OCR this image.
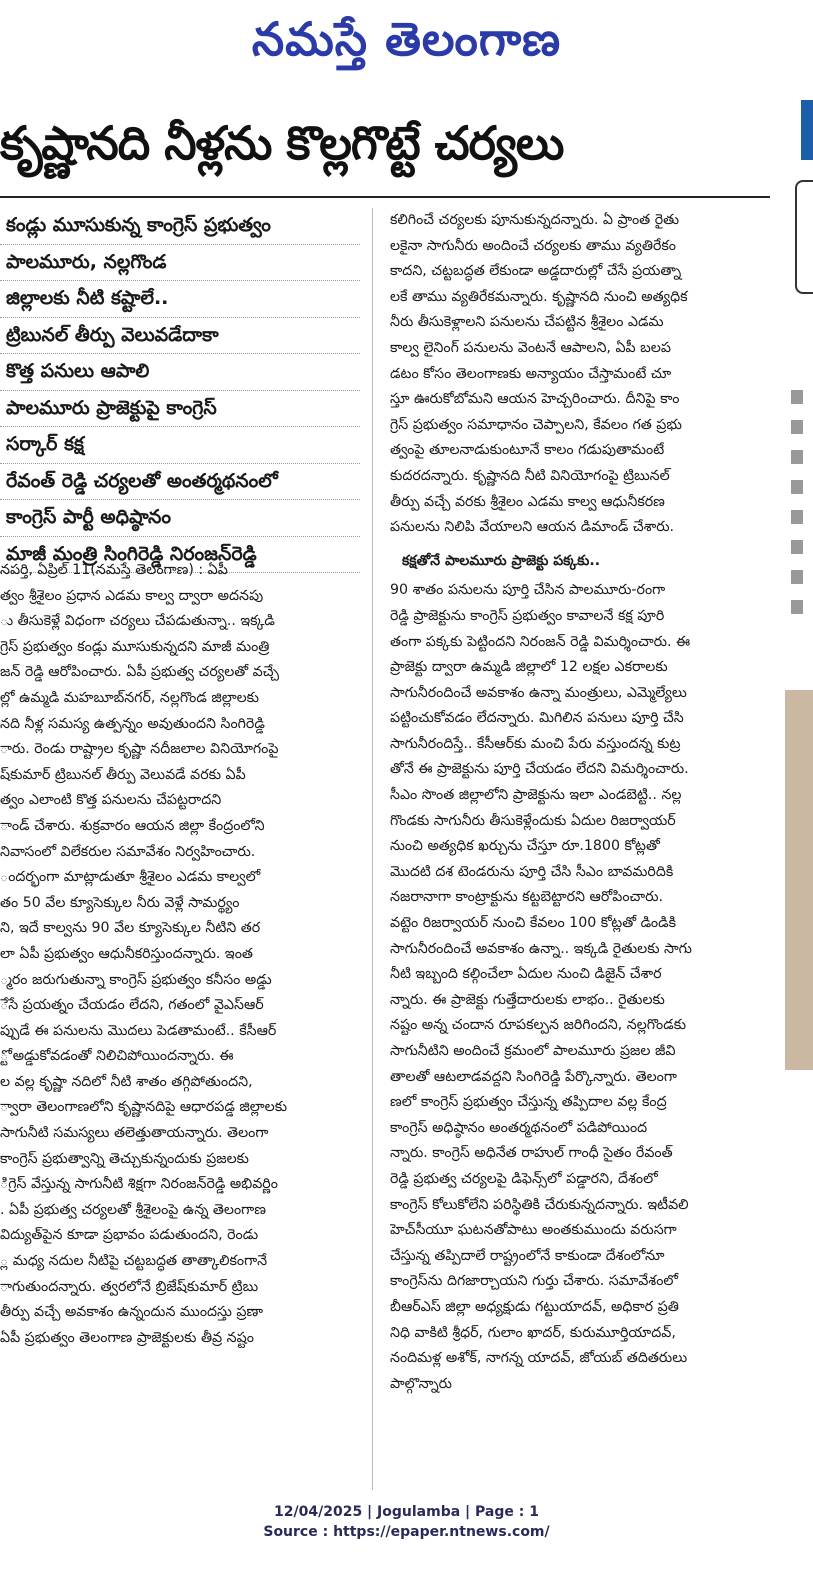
నమస్తే తెలంగాణ
కృష్ణానది నీళ్లను కొల్లగొట్టే చర్యలు
కండ్లు మూసుకున్న కాంగ్రెస్ ప్రభుత్వం
పాలమూరు, నల్లగొండ
జిల్లాలకు నీటి కష్టాలే..
ట్రిబునల్ తీర్పు వెలువడేదాకా
కొత్త పనులు ఆపాలి
పాలమూరు ప్రాజెక్టుపై కాంగ్రెస్
సర్కార్ కక్ష
రేవంత్ రెడ్డి చర్యలతో అంతర్మథనంలో
కాంగ్రెస్ పార్టీ అధిష్ఠానం
మాజీ మంత్రి సింగిరెడ్డి నిరంజన్‌రెడ్డి

నపర్తి, ఏప్రిల్ 11(నమస్తే తెలంగాణ) : ఏపీ

త్వం శ్రీశైలం ప్రధాన ఎడమ కాల్వ ద్వారా అదనపు

ు తీసుకెళ్లే విధంగా చర్యలు చేపడుతున్నా.. ఇక్కడి

గ్రెస్ ప్రభుత్వం కండ్లు మూసుకున్నదని మాజీ మంత్రి

జన్ రెడ్డి ఆరోపించారు. ఏపీ ప్రభుత్వ చర్యలతో వచ్చే

ల్లో ఉమ్మడి మహబూబ్‌నగర్, నల్లగొండ జిల్లాలకు

నది నీళ్ల సమస్య ఉత్పన్నం అవుతుందని సింగిరెడ్డి

ారు. రెండు రాష్ట్రాల కృష్ణా నదీజలాల వినియోగంపై

ష్‌కుమార్ ట్రిబునల్ తీర్పు వెలువడే వరకు ఏపీ

త్వం ఎలాంటి కొత్త పనులను చేపట్టరాదని

ాండ్ చేశారు. శుక్రవారం ఆయన జిల్లా కేంద్రంలోని

నివాసంలో విలేకరుల సమావేశం నిర్వహించారు.

ందర్భంగా మాట్లాడుతూ శ్రీశైలం ఎడమ కాల్వలో

తం 50 వేల క్యూసెక్కుల నీరు వెళ్లే సామర్థ్యం

ని, ఇదే కాల్వను 90 వేల క్యూసెక్కుల నీటిని తర

లా ఏపీ ప్రభుత్వం ఆధునీకరిస్తుందన్నారు. ఇంత

్మరం జరుగుతున్నా కాంగ్రెస్ ప్రభుత్వం కనీసం అడ్డు

ేసే ప్రయత్నం చేయడం లేదని, గతంలో వైఎస్ఆర్

ప్పుడే ఈ పనులను మొదలు పెడతామంటే.. కేసీఆర్

్టో అడ్డుకోవడంతో నిలిచిపోయిందన్నారు. ఈ

ల వల్ల కృష్ణా నదిలో నీటి శాతం తగ్గిపోతుందని,

్వారా తెలంగాణలోని కృష్ణానదిపై ఆధారపడ్డ జిల్లాలకు

సాగునీటి సమస్యలు తలెత్తుతాయన్నారు. తెలంగా

కాంగ్రెస్ ప్రభుత్వాన్ని తెచ్చుకున్నందుకు ప్రజలకు

ిగ్రెస్ వేస్తున్న సాగునీటి శిక్షగా నిరంజన్‌రెడ్డి అభివర్ణిం

. ఏపీ ప్రభుత్వ చర్యలతో శ్రీశైలంపై ఉన్న తెలంగాణ

విద్యుత్‌పైన కూడా ప్రభావం పడుతుందని, రెండు

్ల మధ్య నదుల నీటిపై చట్టబద్ధత తాత్కాలికంగానే

ాగుతుందన్నారు. త్వరలోనే బ్రిజేష్‌కుమార్ ట్రిబు

తీర్పు వచ్చే అవకాశం ఉన్నందున ముందస్తు ప్రణా

ఏపీ ప్రభుత్వం తెలంగాణ ప్రాజెక్టులకు తీవ్ర నష్టం

కలిగించే చర్యలకు పూనుకున్నదన్నారు. ఏ ప్రాంత రైతు

లకైనా సాగునీరు అందించే చర్యలకు తాము వ్యతిరేకం

కాదని, చట్టబద్ధత లేకుండా అడ్డదారుల్లో చేసే ప్రయత్నా

లకే తాము వ్యతిరేకమన్నారు. కృష్ణానది నుంచి అత్యధిక

నీరు తీసుకెళ్లాలని పనులను చేపట్టిన శ్రీశైలం ఎడమ

కాల్వ లైనింగ్ పనులను వెంటనే ఆపాలని, ఏపీ బలప

డటం కోసం తెలంగాణకు అన్యాయం చేస్తామంటే చూ

స్తూ ఊరుకోబోమని ఆయన హెచ్చరించారు. దీనిపై కాం

గ్రెస్ ప్రభుత్వం సమాధానం చెప్పాలని, కేవలం గత ప్రభు

త్వంపై తూలనాడుకుంటూనే కాలం గడుపుతామంటే

కుదరదన్నారు. కృష్ణానది నీటి వినియోగంపై ట్రిబునల్

తీర్పు వచ్చే వరకు శ్రీశైలం ఎడమ కాల్వ ఆధునీకరణ

పనులను నిలిపి వేయాలని ఆయన డిమాండ్ చేశారు.

కక్షతోనే పాలమూరు ప్రాజెక్టు పక్కకు..

90 శాతం పనులను పూర్తి చేసిన పాలమూరు-రంగా

రెడ్డి ప్రాజెక్టును కాంగ్రెస్ ప్రభుత్వం కావాలనే కక్ష పూరి

తంగా పక్కకు పెట్టిందని నిరంజన్ రెడ్డి విమర్శించారు. ఈ

ప్రాజెక్టు ద్వారా ఉమ్మడి జిల్లాలో 12 లక్షల ఎకరాలకు

సాగునీరందించే అవకాశం ఉన్నా మంత్రులు, ఎమ్మెల్యేలు

పట్టించుకోవడం లేదన్నారు. మిగిలిన పనులు పూర్తి చేసి

సాగునీరందిస్తే.. కేసీఆర్‌కు మంచి పేరు వస్తుందన్న కుట్ర

తోనే ఈ ప్రాజెక్టును పూర్తి చేయడం లేదని విమర్శించారు.

సీఎం సొంత జిల్లాలోని ప్రాజెక్టును ఇలా ఎండబెట్టి.. నల్ల

గొండకు సాగునీరు తీసుకెళ్లేందుకు ఏదుల రిజర్వాయర్

నుంచి అత్యధిక ఖర్చును చేస్తూ రూ.1800 కోట్లతో

మొదటి దశ టెండరును పూర్తి చేసి సీఎం బావమరిదికి

నజరానాగా కాంట్రాక్టును కట్టబెట్టారని ఆరోపించారు.

వట్టెం రిజర్వాయర్ నుంచి కేవలం 100 కోట్లతో డిండికి

సాగునీరందించే అవకాశం ఉన్నా.. ఇక్కడి రైతులకు సాగు

నీటి ఇబ్బంది కల్గించేలా ఏదుల నుంచి డిజైన్ చేశార

న్నారు. ఈ ప్రాజెక్టు గుత్తేదారులకు లాభం.. రైతులకు

నష్టం అన్న చందాన రూపకల్పన జరిగిందని, నల్లగొండకు

సాగునీటిని అందించే క్రమంలో పాలమూరు ప్రజల జీవి

తాలతో ఆటలాడవద్దని సింగిరెడ్డి పేర్కొన్నారు. తెలంగా

ణలో కాంగ్రెస్ ప్రభుత్వం చేస్తున్న తప్పిదాల వల్ల కేంద్ర

కాంగ్రెస్ అధిష్ఠానం అంతర్మథనంలో పడిపోయింద

న్నారు. కాంగ్రెస్ అధినేత రాహుల్ గాంధీ సైతం రేవంత్

రెడ్డి ప్రభుత్వ చర్యలపై డిఫెన్స్‌లో పడ్డారని, దేశంలో

కాంగ్రెస్ కోలుకోలేని పరిస్థితికి చేరుకున్నదన్నారు. ఇటీవలి

హెచ్‌సీయూ ఘటనతోపాటు అంతకుముందు వరుసగా

చేస్తున్న తప్పిదాలే రాష్ట్రంలోనే కాకుండా దేశంలోనూ

కాంగ్రెస్‌ను దిగజార్చాయని గుర్తు చేశారు. సమావేశంలో

బీఆర్‌ఎస్ జిల్లా అధ్యక్షుడు గట్టుయాదవ్, అధికార ప్రతి

నిధి వాకిటి శ్రీధర్, గులాం ఖాదర్, కురుమూర్తియాదవ్,

నందిమళ్ల అశోక్, నాగన్న యాదవ్, జోయబ్ తదితరులు

పాల్గొన్నారు

12/04/2025 | Jogulamba | Page : 1
Source : https://epaper.ntnews.com/
